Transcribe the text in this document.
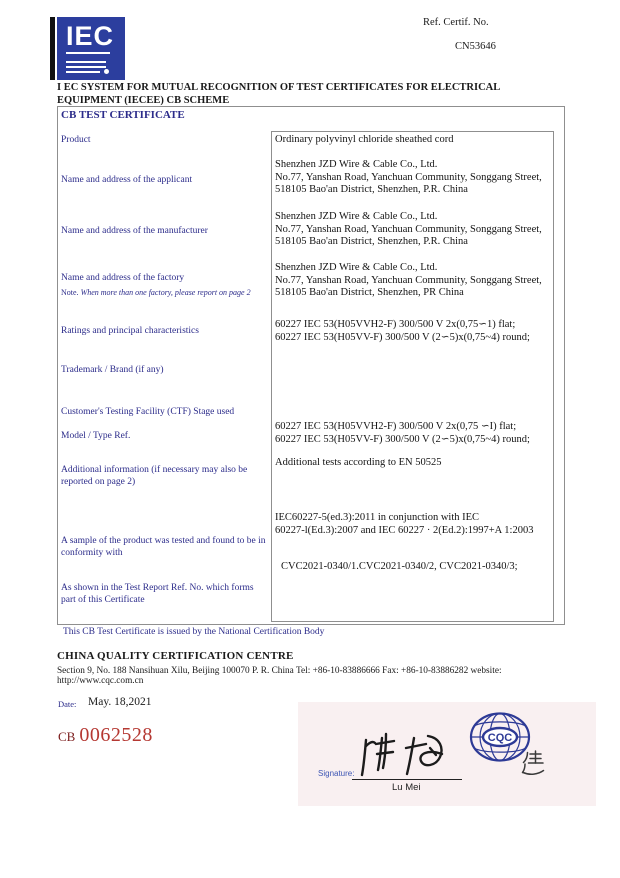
IEC	Ref. Certif. No.
CN53646
I EC SYSTEM FOR MUTUAL RECOGNITION OF TEST CERTIFICATES FOR ELECTRICAL EQUIPMENT (IECEE) CB SCHEME
CB TEST CERTIFICATE
Product
Name and address of the applicant
Name and address of the manufacturer
Name and address of the factory
Note. When more than one factory, please report on page 2
Ratings and principal characteristics
Trademark / Brand (if any)
Customer's Testing Facility (CTF) Stage used
Model / Type Ref.
Additional information (if necessary may also be reported on page 2)
A sample of the product was tested and found to be in conformity with
As shown in the Test Report Ref. No. which forms part of this Certificate
Ordinary polyvinyl chloride sheathed cord
Shenzhen JZD Wire & Cable Co., Ltd.
No.77, Yanshan Road, Yanchuan Community, Songgang Street,
518105 Bao'an District, Shenzhen, P.R. China
Shenzhen JZD Wire & Cable Co., Ltd.
No.77, Yanshan Road, Yanchuan Community, Songgang Street,
518105 Bao'an District, Shenzhen, P.R. China
Shenzhen JZD Wire & Cable Co., Ltd.
No.77, Yanshan Road, Yanchuan Community, Songgang Street,
518105 Bao'an District, Shenzhen, PR China
60227 IEC 53(H05VVH2-F) 300/500 V 2x(0,75∽1) flat;
60227 IEC 53(H05VV-F) 300/500 V (2∽5)x(0,75~4) round;
60227 IEC 53(H05VVH2-F) 300/500 V 2x(0,75 ∽I) flat;
60227 IEC 53(H05VV-F) 300/500 V (2∽5)x(0,75~4) round;
Additional tests according to EN 50525
IEC60227-5(ed.3):2011 in conjunction with IEC
60227-l(Ed.3):2007 and IEC 60227 · 2(Ed.2):1997+A 1:2003
CVC2021-0340/1.CVC2021-0340/2, CVC2021-0340/3;
This CB Test Certificate is issued by the National Certification Body
CHINA QUALITY CERTIFICATION CENTRE
Section 9, No. 188 Nansihuan Xilu, Beijing 100070 P. R. China Tel: +86-10-83886666 Fax: +86-10-83886282 website: http://www.cqc.com.cn
Date: May. 18,2021
CB 0062528	CQC
Signature:
Lu Mei
